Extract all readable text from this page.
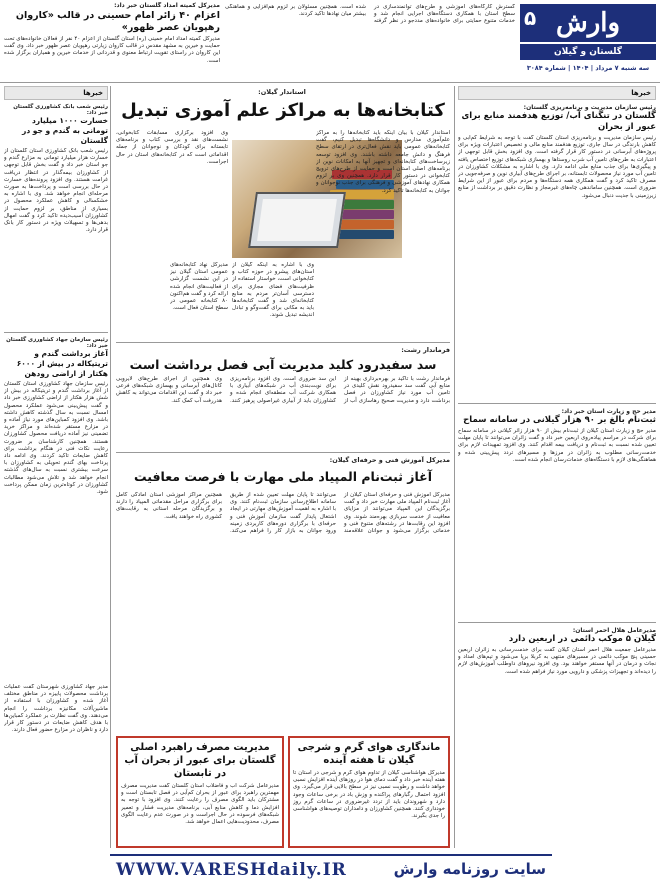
وارش
۵
گلستان و گیلان
سه شنبه ۷ مرداد | ۱۴۰۴ | شماره ۳۰۸۴
گسترش کارگاه‌های آموزشی و طرح‌های توانمندسازی در سطح استان با همکاری دستگاه‌های اجرایی انجام شد و خدمات متنوع حمایتی برای خانواده‌های مددجو در نظر گرفته شده است. همچنین مسئولان بر لزوم هم‌افزایی و هماهنگی بیشتر میان نهادها تاکید کردند.
مدیرکل کمیته امداد گلستان خبر داد:
اعزام ۴۰ زائر امام حسینی در قالب «کاروان رهپویان عصر ظهور»
مدیرکل کمیته امداد امام خمینی (ره) استان گلستان از اعزام ۴۰ نفر از فعالان خانواده‌های تحت حمایت و خیرین به مشهد مقدس در قالب کاروان زیارتی رهپویان عصر ظهور خبر داد. وی گفت این کاروان در راستای تقویت ارتباط معنوی و قدردانی از خدمات خیرین و همیاران برگزار شده است.
خبرها
رئیس سازمان مدیریت و برنامه‌ریزی گلستان:
گلستان در تنگنای آب/ توزیع هدفمند منابع برای عبور از بحران
رئیس سازمان مدیریت و برنامه‌ریزی استان گلستان گفت با توجه به شرایط کم‌آبی و کاهش بارندگی در سال جاری، توزیع هدفمند منابع مالی و تخصیص اعتبارات ویژه برای پروژه‌های آبرسانی در دستور کار قرار گرفته است. وی افزود بخش قابل توجهی از اعتبارات به طرح‌های تامین آب شرب روستاها و بهسازی شبکه‌های توزیع اختصاص یافته و پیگیری‌ها برای جذب منابع ملی ادامه دارد. وی با اشاره به مشکلات کشاورزان در تامین آب مورد نیاز محصولات تابستانه، بر اجرای طرح‌های آبیاری نوین و صرفه‌جویی در مصرف تاکید کرد و گفت همکاری همه دستگاه‌ها و مردم برای عبور از این شرایط ضروری است. همچنین ساماندهی چاه‌های غیرمجاز و نظارت دقیق بر برداشت از منابع زیرزمینی با جدیت دنبال می‌شود.
مدیر حج و زیارت استان خبر داد:
ثبت‌نام بالغ بر ۹۰ هزار گیلانی در سامانه سماح
مدیر حج و زیارت استان گیلان از ثبت‌نام بیش از ۹۰ هزار زائر گیلانی در سامانه سماح برای شرکت در مراسم پیاده‌روی اربعین خبر داد و گفت زائران می‌توانند تا پایان مهلت تعیین شده نسبت به ثبت‌نام و دریافت بیمه اقدام کنند. وی افزود تمهیدات لازم برای خدمت‌رسانی مطلوب به زائران در مرزها و مسیرهای تردد پیش‌بینی شده و هماهنگی‌های لازم با دستگاه‌های خدمات‌رسان انجام شده است.
مدیرعامل هلال احمر استان:
گیلان ۵ موکب دائمی در اربعین دارد
مدیرعامل جمعیت هلال احمر استان گیلان گفت برای خدمت‌رسانی به زائران اربعین حسینی پنج موکب دائمی در مسیرهای منتهی به کربلا برپا می‌شود و تیم‌های امداد و نجات و درمان در آنها مستقر خواهند بود. وی افزود نیروهای داوطلب آموزش‌های لازم را دیده‌اند و تجهیزات پزشکی و دارویی مورد نیاز فراهم شده است.
خبرها
رئیس شعب بانک کشاورزی گلستان خبر داد:
خسارت ۱۰۰۰ میلیارد تومانی به گندم و جو در گلستان
رئیس شعب بانک کشاورزی استان گلستان از خسارت هزار میلیارد تومانی به مزارع گندم و جو استان خبر داد و گفت بخش قابل توجهی از کشاورزان بیمه‌گذار در انتظار دریافت غرامت هستند. وی افزود پرونده‌های خسارت در حال بررسی است و پرداخت‌ها به صورت مرحله‌ای انجام خواهد شد. وی با اشاره به خشکسالی و کاهش عملکرد محصول در بسیاری از مناطق، بر لزوم حمایت از کشاورزان آسیب‌دیده تاکید کرد و گفت امهال بدهی‌ها و تسهیلات ویژه در دستور کار بانک قرار دارد.
رئیس سازمان جهاد کشاورزی گلستان خبر داد:
آغاز برداشت گندم و تریتیکاله در بیش از ۶۰۰۰ هکتار از اراضی رودهن
رئیس سازمان جهاد کشاورزی استان گلستان از آغاز برداشت گندم و تریتیکاله در بیش از شش هزار هکتار از اراضی کشاورزی خبر داد و گفت پیش‌بینی می‌شود عملکرد محصول امسال نسبت به سال گذشته کاهش داشته باشد. وی افزود کمباین‌های مورد نیاز آماده و در مزارع مستقر شده‌اند و مراکز خرید تضمینی نیز آماده دریافت محصول کشاورزان هستند. همچنین کارشناسان بر ضرورت رعایت نکات فنی در هنگام برداشت برای کاهش ضایعات تاکید کردند. وی ادامه داد پرداخت بهای گندم تحویلی به کشاورزان با سرعت بیشتری نسبت به سال‌های گذشته انجام خواهد شد و تلاش می‌شود مطالبات کشاورزان در کوتاه‌ترین زمان ممکن پرداخت شود.
مدیر جهاد کشاورزی شهرستان گفت عملیات برداشت محصولات پاییزه در مناطق مختلف آغاز شده و کشاورزان با استفاده از ماشین‌آلات مکانیزه برداشت را انجام می‌دهند. وی گفت نظارت بر عملکرد کمباین‌ها با هدف کاهش ضایعات در دستور کار قرار دارد و ناظران در مزارع حضور فعال دارند.
استاندار گیلان:
کتابخانه‌ها به مراکز علم آموزی تبدیل
استاندار گیلان با بیان اینکه باید کتابخانه‌ها را به مراکز علم‌آموزی مدارس و دانشگاه‌ها تبدیل کنیم، گفت کتابخانه‌های عمومی باید نقش فعال‌تری در ارتقای سطح فرهنگ و دانش جامعه داشته باشند. وی افزود توسعه زیرساخت‌های کتابخانه‌ای و تجهیز آنها به امکانات نوین از برنامه‌های اصلی استان است و حمایت از طرح‌های ترویج کتابخوانی در دستور کار قرار دارد. همچنین وی بر لزوم همکاری نهادهای آموزشی و فرهنگی برای جذب نوجوانان و جوانان به کتابخانه‌ها تاکید کرد.
وی با اشاره به اینکه گیلان از استان‌های پیشرو در حوزه کتاب و کتابخوانی است، خواستار استفاده از ظرفیت‌های فضای مجازی برای دسترسی آسان‌تر مردم به منابع کتابخانه‌ای شد و گفت کتابخانه‌ها باید به مکانی برای گفت‌وگو و تبادل اندیشه تبدیل شوند.
مدیرکل نهاد کتابخانه‌های عمومی استان گیلان نیز در این نشست گزارشی از فعالیت‌های انجام شده ارائه کرد و گفت هم‌اکنون ۸۰ کتابخانه عمومی در سطح استان فعال است.
وی افزود برگزاری مسابقات کتابخوانی، نشست‌های نقد و بررسی کتاب و برنامه‌های تابستانه برای کودکان و نوجوانان از جمله اقداماتی است که در کتابخانه‌های استان در حال اجراست.
فرماندار رشت:
سد سفیدرود کلید مدیریت آبی فصل برداشت است
فرماندار رشت با تاکید بر بهره‌برداری بهینه از منابع آبی گفت سد سفیدرود نقش کلیدی در تامین آب مورد نیاز کشاورزان در فصل برداشت دارد و مدیریت صحیح رهاسازی آب از این سد ضروری است. وی افزود برنامه‌ریزی برای نوبت‌بندی آب در شبکه‌های آبیاری با همکاری شرکت آب منطقه‌ای انجام شده و کشاورزان باید از آبیاری غیراصولی پرهیز کنند. وی همچنین از اجرای طرح‌های لایروبی کانال‌های آبرسانی و بهسازی شبکه‌های فرعی خبر داد و گفت این اقدامات می‌تواند به کاهش هدررفت آب کمک کند.
مدیرکل آموزش فنی و حرفه‌ای گیلان:
آغاز ثبت‌نام المپیاد ملی مهارت با فرصت معافیت
مدیرکل آموزش فنی و حرفه‌ای استان گیلان از آغاز ثبت‌نام المپیاد ملی مهارت خبر داد و گفت برگزیدگان این المپیاد می‌توانند از مزایای معافیت از خدمت سربازی بهره‌مند شوند. وی افزود این رقابت‌ها در رشته‌های متنوع فنی و خدماتی برگزار می‌شود و جوانان علاقه‌مند می‌توانند تا پایان مهلت تعیین شده از طریق سامانه اطلاع‌رسانی سازمان ثبت‌نام کنند. وی با اشاره به اهمیت آموزش‌های مهارتی در ایجاد اشتغال پایدار گفت سازمان آموزش فنی و حرفه‌ای با برگزاری دوره‌های کاربردی زمینه ورود جوانان به بازار کار را فراهم می‌کند. همچنین مراکز آموزشی استان آمادگی کامل برای برگزاری مراحل مقدماتی المپیاد را دارند و برگزیدگان مرحله استانی به رقابت‌های کشوری راه خواهند یافت.
ماندگاری هوای گرم و شرجی گیلان تا هفته آینده
مدیرکل هواشناسی گیلان از تداوم هوای گرم و شرجی در استان تا هفته آینده خبر داد و گفت دمای هوا در روزهای آینده افزایش نسبی خواهد داشت و رطوبت نسبی نیز در سطح بالایی قرار می‌گیرد. وی افزود احتمال رگبارهای پراکنده و وزش باد در برخی ساعات وجود دارد و شهروندان باید از تردد غیرضروری در ساعات گرم روز خودداری کنند. همچنین کشاورزان و دامداران توصیه‌های هواشناسی را جدی بگیرند.
مدیریت مصرف راهبرد اصلی گلستان برای عبور از بحران آب در تابستان
مدیرعامل شرکت آب و فاضلاب استان گلستان گفت مدیریت مصرف مهمترین راهبرد برای عبور از بحران کم‌آبی در فصل تابستان است و مشترکان باید الگوی مصرف را رعایت کنند. وی افزود با توجه به افزایش دما و کاهش منابع آبی، برنامه‌های مدیریت فشار و تعمیر شبکه‌های فرسوده در حال اجراست و در صورت عدم رعایت الگوی مصرف، محدودیت‌هایی اعمال خواهد شد.
WWW.VARESHdaily.IR	سایت روزنامه وارش
